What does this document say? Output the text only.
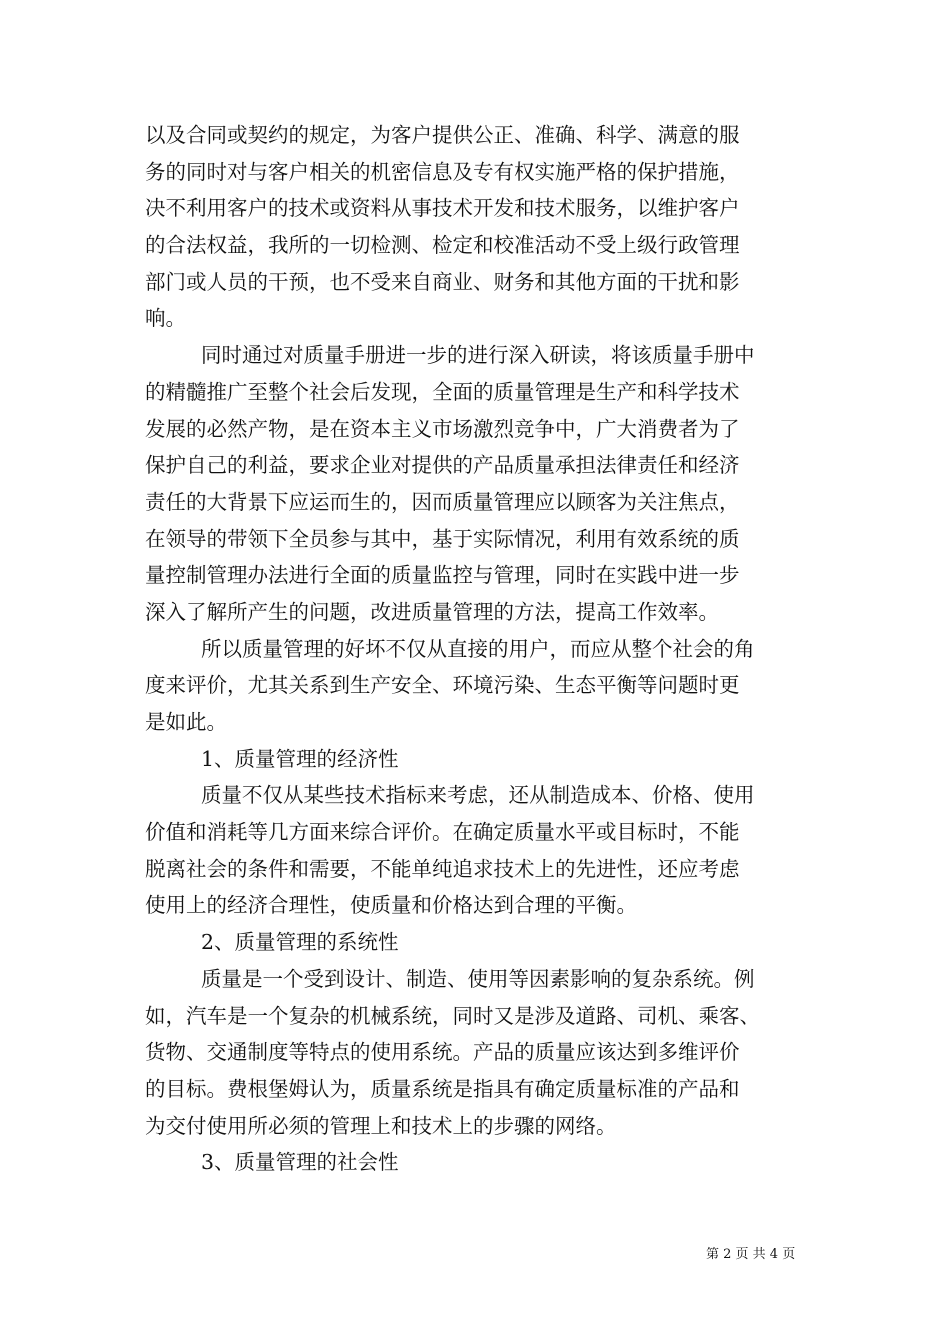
以及合同或契约的规定，为客户提供公正、准确、科学、满意的服
务的同时对与客户相关的机密信息及专有权实施严格的保护措施，
决不利用客户的技术或资料从事技术开发和技术服务，以维护客户
的合法权益，我所的一切检测、检定和校准活动不受上级行政管理
部门或人员的干预，也不受来自商业、财务和其他方面的干扰和影
响。
同时通过对质量手册进一步的进行深入研读，将该质量手册中
的精髓推广至整个社会后发现，全面的质量管理是生产和科学技术
发展的必然产物，是在资本主义市场激烈竞争中，广大消费者为了
保护自己的利益，要求企业对提供的产品质量承担法律责任和经济
责任的大背景下应运而生的，因而质量管理应以顾客为关注焦点，
在领导的带领下全员参与其中，基于实际情况，利用有效系统的质
量控制管理办法进行全面的质量监控与管理，同时在实践中进一步
深入了解所产生的问题，改进质量管理的方法，提高工作效率。
所以质量管理的好坏不仅从直接的用户，而应从整个社会的角
度来评价，尤其关系到生产安全、环境污染、生态平衡等问题时更
是如此。
1、质量管理的经济性
质量不仅从某些技术指标来考虑，还从制造成本、价格、使用
价值和消耗等几方面来综合评价。在确定质量水平或目标时，不能
脱离社会的条件和需要，不能单纯追求技术上的先进性，还应考虑
使用上的经济合理性，使质量和价格达到合理的平衡。
2、质量管理的系统性
质量是一个受到设计、制造、使用等因素影响的复杂系统。例
如，汽车是一个复杂的机械系统，同时又是涉及道路、司机、乘客、
货物、交通制度等特点的使用系统。产品的质量应该达到多维评价
的目标。费根堡姆认为，质量系统是指具有确定质量标准的产品和
为交付使用所必须的管理上和技术上的步骤的网络。
3、质量管理的社会性
第 2 页 共 4 页
